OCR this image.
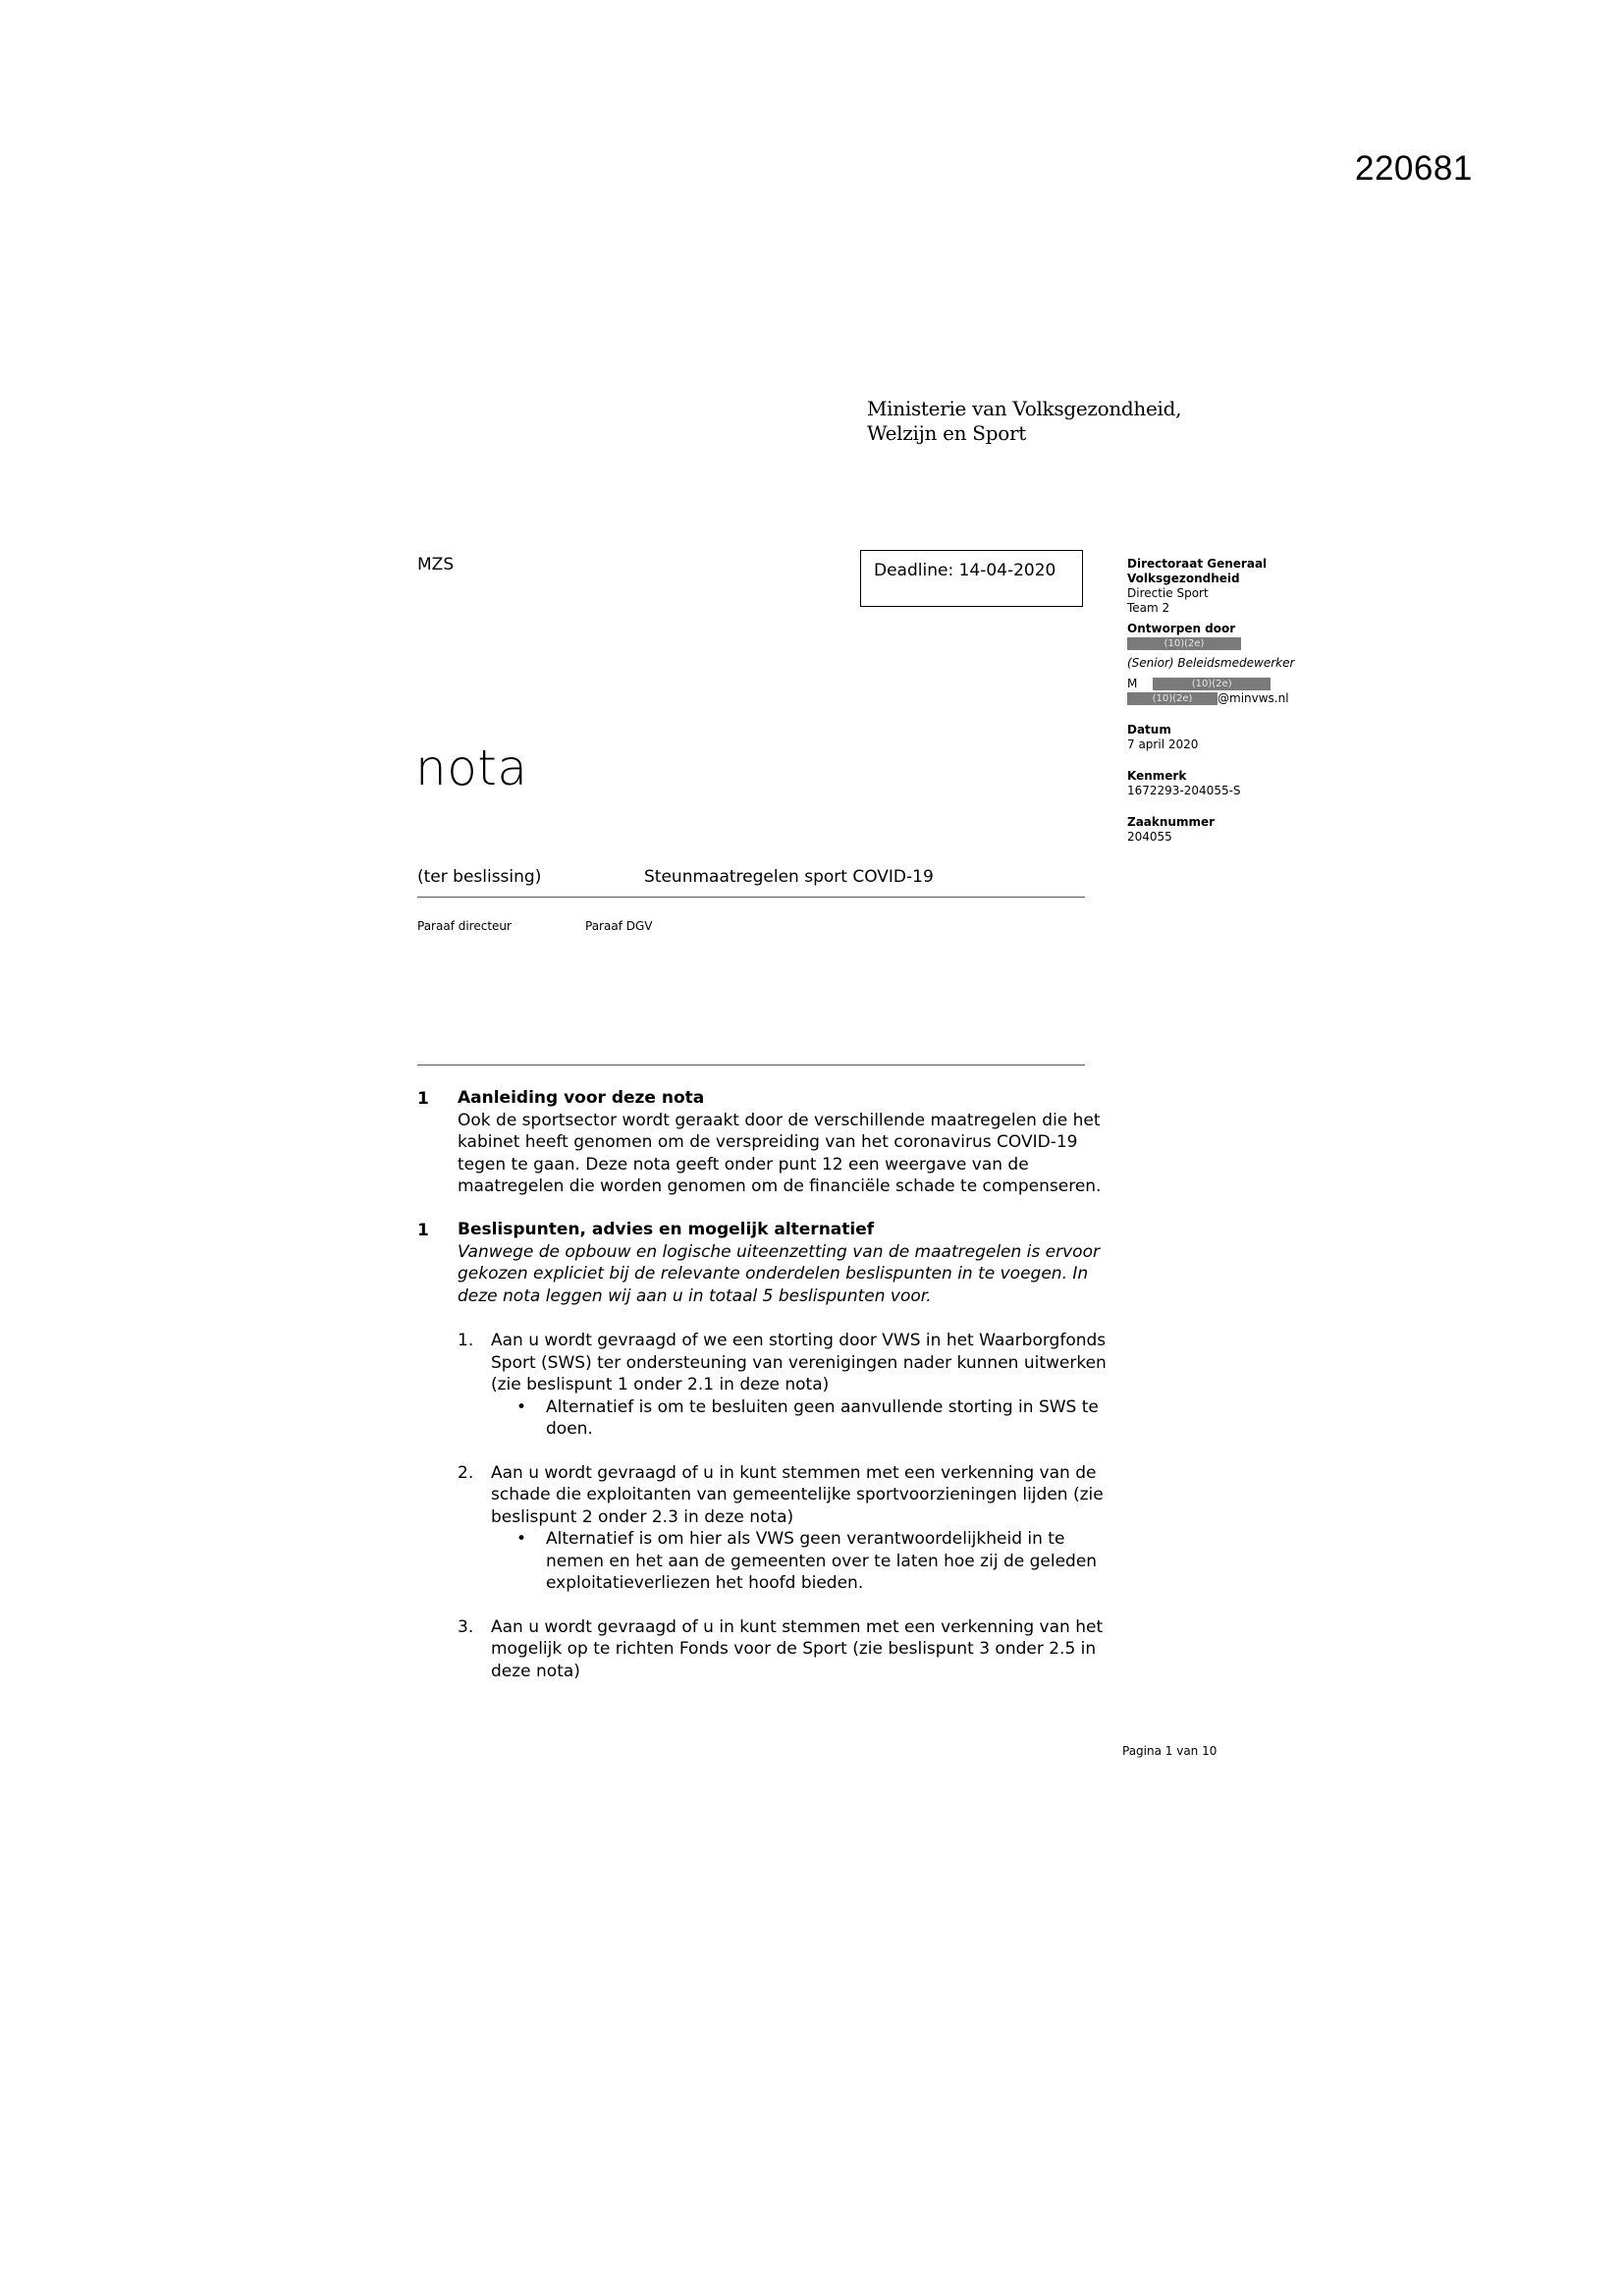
220681
Ministerie van Volksgezondheid,
Welzijn en Sport
MZS	Deadline: 14-04-2020	Directoraat Generaal
Volksgezondheid
Directie Sport
Team 2
Ontworpen door
(10)(2e)
(Senior) Beleidsmedewerker
M	(10)(2e)
(10)(2e) @minvws.nl
Datum
7 april 2020
Kenmerk
1672293-204055-S
Zaaknummer
204055
nota
(ter beslissing)	Steunmaatregelen sport COVID-19
Paraaf directeur	Paraaf DGV
1 Aanleiding voor deze nota
Ook de sportsector wordt geraakt door de verschillende maatregelen die het
kabinet heeft genomen om de verspreiding van het coronavirus COVID-19
tegen te gaan. Deze nota geeft onder punt 12 een weergave van de
maatregelen die worden genomen om de financiële schade te compenseren.
1 Beslispunten, advies en mogelijk alternatief
Vanwege de opbouw en logische uiteenzetting van de maatregelen is ervoor
gekozen expliciet bij de relevante onderdelen beslispunten in te voegen. In
deze nota leggen wij aan u in totaal 5 beslispunten voor.
1. Aan u wordt gevraagd of we een storting door VWS in het Waarborgfonds
Sport (SWS) ter ondersteuning van verenigingen nader kunnen uitwerken
(zie beslispunt 1 onder 2.1 in deze nota)
• Alternatief is om te besluiten geen aanvullende storting in SWS te
doen.
2. Aan u wordt gevraagd of u in kunt stemmen met een verkenning van de
schade die exploitanten van gemeentelijke sportvoorzieningen lijden (zie
beslispunt 2 onder 2.3 in deze nota)
• Alternatief is om hier als VWS geen verantwoordelijkheid in te
nemen en het aan de gemeenten over te laten hoe zij de geleden
exploitatieverliezen het hoofd bieden.
3. Aan u wordt gevraagd of u in kunt stemmen met een verkenning van het
mogelijk op te richten Fonds voor de Sport (zie beslispunt 3 onder 2.5 in
deze nota)
Pagina 1 van 10
